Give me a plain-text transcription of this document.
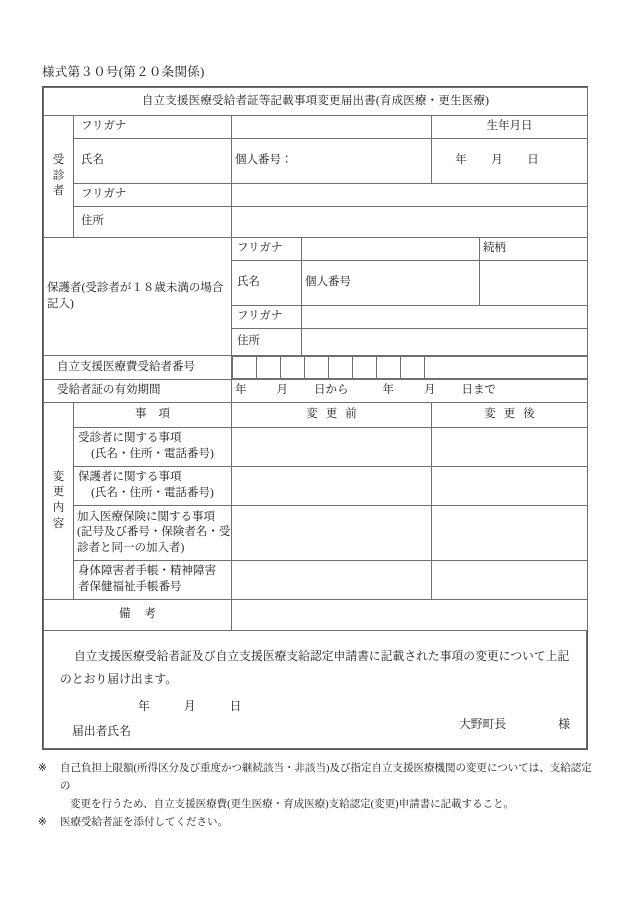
様式第３０号(第２０条関係)
自立支援医療受給者証等記載事項変更届出書(育成医療・更生医療)

受
診
者

フリガナ		生年月日

氏名	個人番号：	年 月 日

フリガナ

住所

保護者(受診者が１８歳未満の場合
記入)

フリガナ		続柄

氏名	個人番号	

フリガナ

住所

自立支援医療費受給者番号

受給者証の有効期間	年	月 日から	年	月 日まで

変
更
内
容
	事項	変更前	変更後

受診者に関する事項
(氏名・住所・電話番号)

保護者に関する事項
(氏名・住所・電話番号)

加入医療保険に関する事項
(記号及び番号・保険者名・受
診者と同一の加入者)

身体障害者手帳・精神障害
者保健福祉手帳番号

備考	
自立支援医療受給者証及び自立支援医療支給認定申請書に記載された事項の変更について上記のとおり届け出ます。
年	月	日
届出者氏名	大野町長	様
※	自己負担上限額(所得区分及び重度かつ継続該当・非該当)及び指定自立支援医療機関の変更については、支給認定の
変更を行うため、自立支援医療費(更生医療・育成医療)支給認定(変更)申請書に記載すること。
※	医療受給者証を添付してください。
